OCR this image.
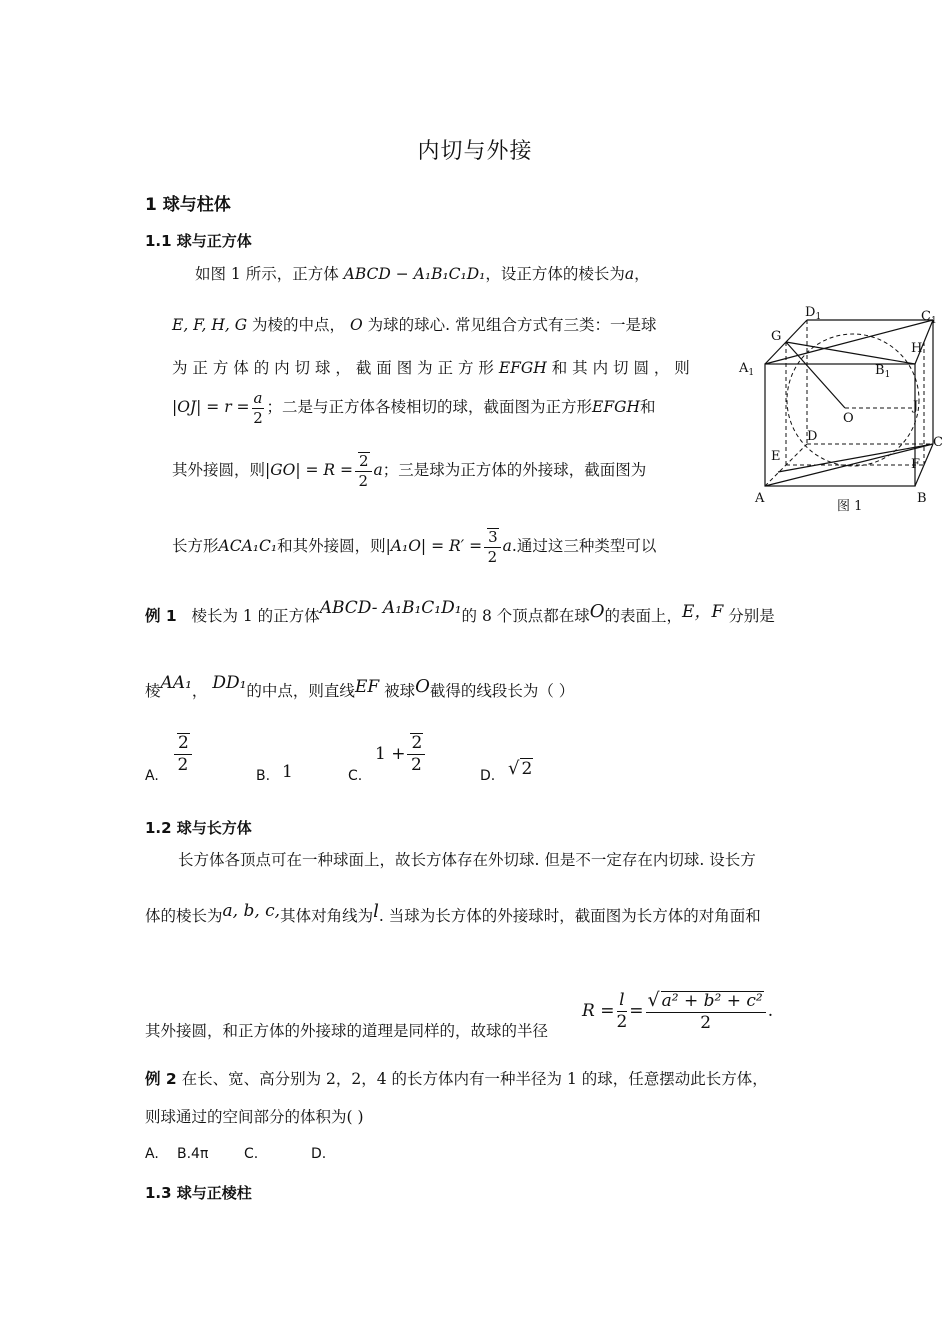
内切与外接
1 球与柱体
1.1 球与正方体
如图 1 所示，正方体 ABCD − A₁B₁C₁D₁，设正方体的棱长为a，
E, F, H, G 为棱的中点， O 为球的球心. 常见组合方式有三类：一是球
为 正 方 体 的 内 切 球 ， 截 面 图 为 正 方 形 EFGH 和 其 内 切 圆 ， 则
$|OJ| = r = \frac{a}{2}$ ；二是与正方体各棱相切的球，截面图为正方形 EFGH 和
其外接圆，则 $|GO| = R = \frac{2}{2}$ a ；三是球为正方体的外接球，截面图为
长方形 ACA₁C₁ 和其外接圆，则 $|A_1O| = R' = \frac{3}{2}$ a .通过这三种类型可以
A	B
C
D
E
F
G
H
J
O
$A_1$	$B_1$
$C_1$
$D_1$
图 1
例 1 棱长为 1 的正方体ABCD- A₁B₁C₁D₁的 8 个顶点都在球O的表面上，E，F 分别是
棱AA₁， DD₁的中点，则直线EF 被球O截得的线段长为（ ）
A.
$\frac{2}{2}$
B. 1	C.
$1 + \frac{2}{2}$
D. √ 2
1.2 球与长方体
长方体各顶点可在一种球面上，故长方体存在外切球. 但是不一定存在内切球. 设长方
体的棱长为a, b, c,其体对角线为l. 当球为长方体的外接球时，截面图为长方体的对角面和
其外接圆，和正方体的外接球的道理是同样的，故球的半径
R
= $\frac{l}{2} = \frac{\text{√ a² + b² + c²}}{2}$ .
例 2 在长、宽、高分别为 2，2，4 的长方体内有一种半径为 1 的球，任意摆动此长方体，
则球通过的空间部分的体积为( )
A. B.4π	C.	D.
1.3 球与正棱柱
